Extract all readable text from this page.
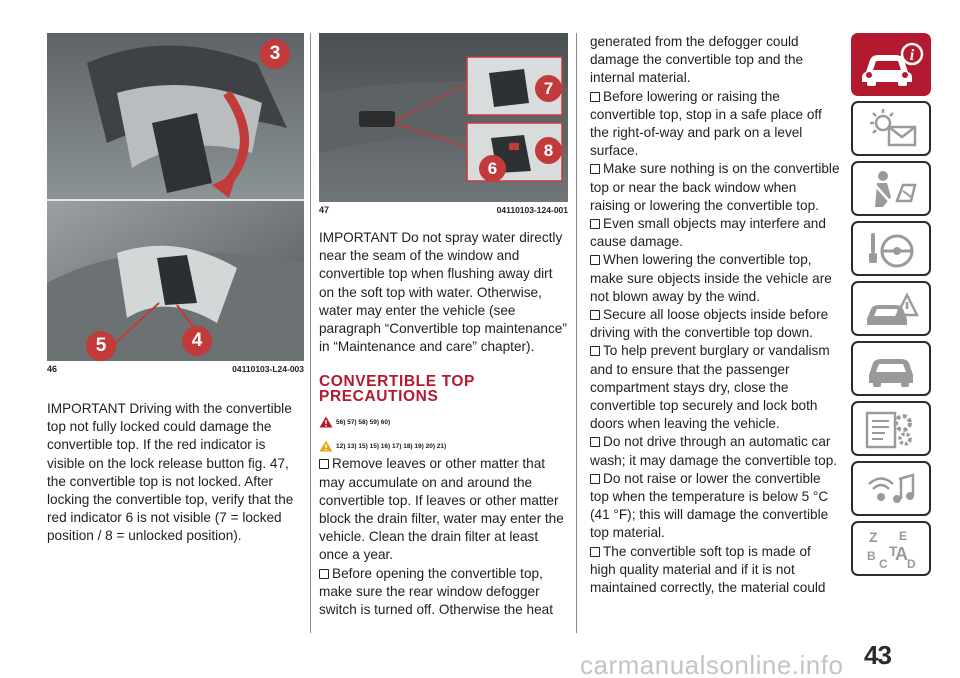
3
4
5
46	04110103-L24-003

IMPORTANT Driving with the convertible top not fully locked could damage the convertible top. If the red indicator is visible on the lock release button fig. 47, the convertible top is not locked. After locking the convertible top, verify that the red indicator 6 is not visible (7 = locked position / 8 = unlocked position).

7
6
8
47	04110103-124-001

IMPORTANT Do not spray water directly near the seam of the window and convertible top when flushing away dirt on the soft top with water. Otherwise, water may enter the vehicle (see paragraph “Convertible top maintenance” in “Maintenance and care” chapter).

CONVERTIBLE TOP PRECAUTIONS
56) 57) 58) 59) 60)
12) 13) 15) 15) 16) 17) 18) 19) 20) 21)

Remove leaves or other matter that may accumulate on and around the convertible top. If leaves or other matter block the drain filter, water may enter the vehicle. Clean the drain filter at least once a year.

Before opening the convertible top, make sure the rear window defogger switch is turned off. Otherwise the heat

generated from the defogger could damage the convertible top and the internal material.

Before lowering or raising the convertible top, stop in a safe place off the right-of-way and park on a level surface.

Make sure nothing is on the convertible top or near the back window when raising or lowering the convertible top.

Even small objects may interfere and cause damage.

When lowering the convertible top, make sure objects inside the vehicle are not blown away by the wind.

Secure all loose objects inside before driving with the convertible top down.

To help prevent burglary or vandalism and to ensure that the passenger compartment stays dry, close the convertible top securely and lock both doors when leaving the vehicle.

Do not drive through an automatic car wash; it may damage the convertible top.

Do not raise or lower the convertible top when the temperature is below 5 °C (41 °F); this will damage the convertible top material.

The convertible soft top is made of high quality material and if it is not maintained correctly, the material could

i
Z E
B A
C D
T
43
carmanualsonline.info
